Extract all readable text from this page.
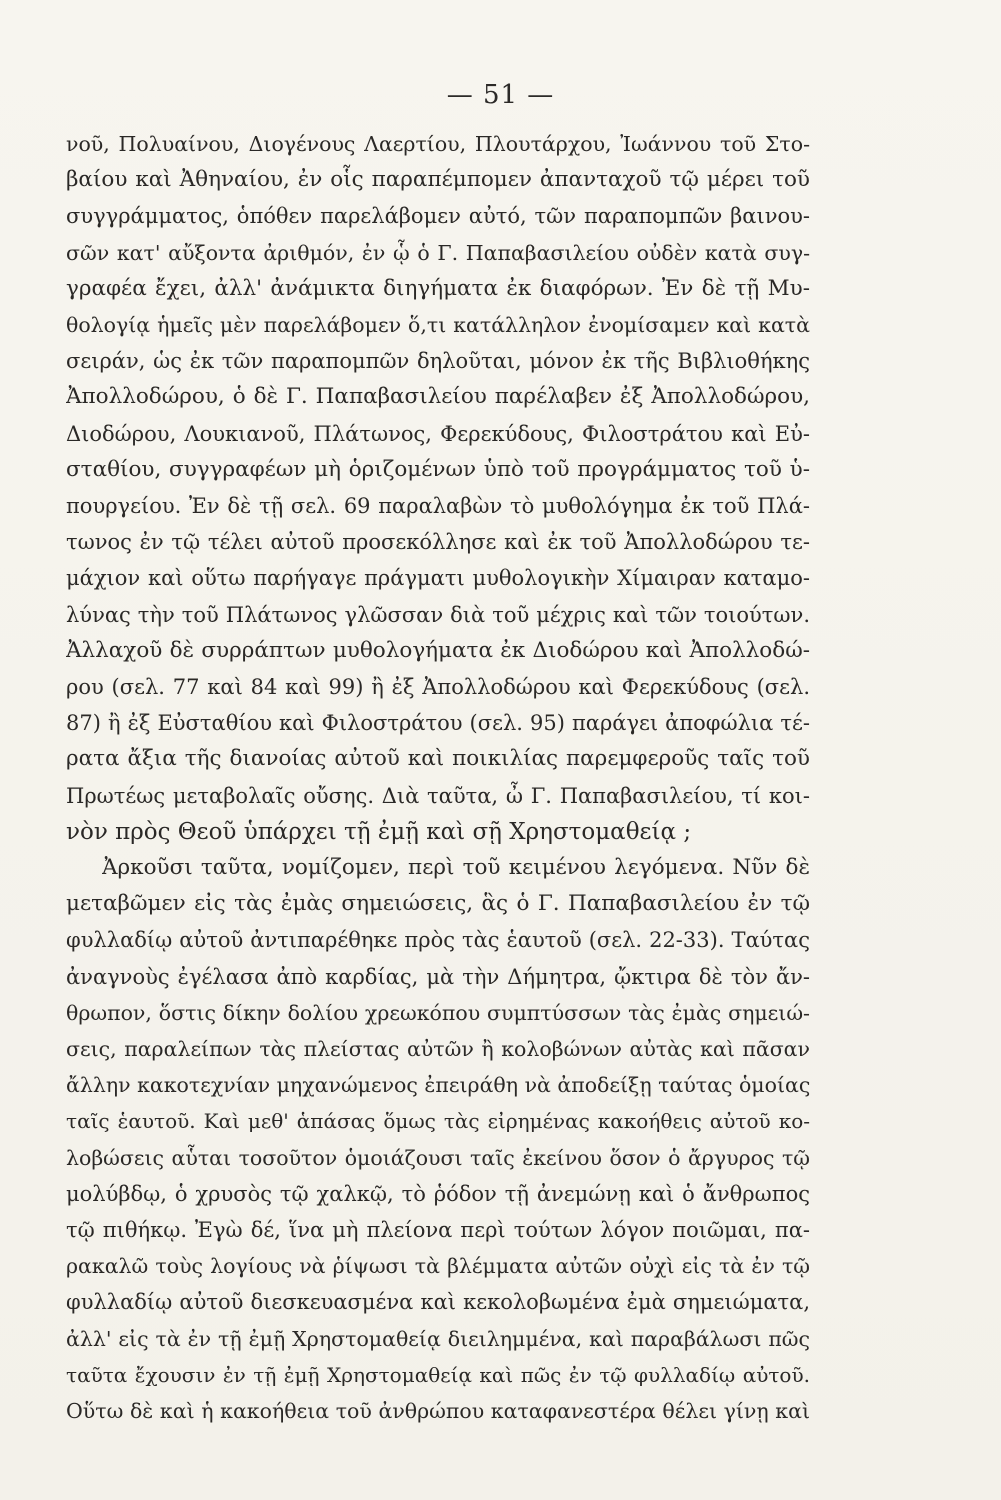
— 51 —
νοῦ, Πολυαίνου, Διογένους Λαερτίου, Πλουτάρχου, Ἰωάννου τοῦ Στο-
βαίου καὶ Ἀθηναίου, ἐν οἷς παραπέμπομεν ἀπανταχοῦ τῷ μέρει τοῦ
συγγράμματος, ὁπόθεν παρελάβομεν αὐτό, τῶν παραπομπῶν βαινου-
σῶν κατ' αὔξοντα ἀριθμόν, ἐν ᾧ ὁ Γ. Παπαβασιλείου οὐδὲν κατὰ συγ-
γραφέα ἔχει, ἀλλ' ἀνάμικτα διηγήματα ἐκ διαφόρων. Ἐν δὲ τῇ Μυ-
θολογίᾳ ἡμεῖς μὲν παρελάβομεν ὅ,τι κατάλληλον ἐνομίσαμεν καὶ κατὰ
σειράν, ὡς ἐκ τῶν παραπομπῶν δηλοῦται, μόνον ἐκ τῆς Βιβλιοθήκης
Ἀπολλοδώρου, ὁ δὲ Γ. Παπαβασιλείου παρέλαβεν ἐξ Ἀπολλοδώρου,
Διοδώρου, Λουκιανοῦ, Πλάτωνος, Φερεκύδους, Φιλοστράτου καὶ Εὐ-
σταθίου, συγγραφέων μὴ ὁριζομένων ὑπὸ τοῦ προγράμματος τοῦ ὑ-
πουργείου. Ἐν δὲ τῇ σελ. 69 παραλαβὼν τὸ μυθολόγημα ἐκ τοῦ Πλά-
τωνος ἐν τῷ τέλει αὐτοῦ προσεκόλλησε καὶ ἐκ τοῦ Ἀπολλοδώρου τε-
μάχιον καὶ οὕτω παρήγαγε πράγματι μυθολογικὴν Χίμαιραν καταμο-
λύνας τὴν τοῦ Πλάτωνος γλῶσσαν διὰ τοῦ μέχρις καὶ τῶν τοιούτων.
Ἀλλαχοῦ δὲ συρράπτων μυθολογήματα ἐκ Διοδώρου καὶ Ἀπολλοδώ-
ρου (σελ. 77 καὶ 84 καὶ 99) ἢ ἐξ Ἀπολλοδώρου καὶ Φερεκύδους (σελ.
87) ἢ ἐξ Εὐσταθίου καὶ Φιλοστράτου (σελ. 95) παράγει ἀποφώλια τέ-
ρατα ἄξια τῆς διανοίας αὐτοῦ καὶ ποικιλίας παρεμφεροῦς ταῖς τοῦ
Πρωτέως μεταβολαῖς οὔσης. Διὰ ταῦτα, ὦ Γ. Παπαβασιλείου, τί κοι-
νὸν πρὸς Θεοῦ ὑπάρχει τῇ ἐμῇ καὶ σῇ Χρηστομαθείᾳ ;
Ἀρκοῦσι ταῦτα, νομίζομεν, περὶ τοῦ κειμένου λεγόμενα. Νῦν δὲ
μεταβῶμεν εἰς τὰς ἐμὰς σημειώσεις, ἃς ὁ Γ. Παπαβασιλείου ἐν τῷ
φυλλαδίῳ αὐτοῦ ἀντιπαρέθηκε πρὸς τὰς ἑαυτοῦ (σελ. 22-33). Ταύτας
ἀναγνοὺς ἐγέλασα ἀπὸ καρδίας, μὰ τὴν Δήμητρα, ᾤκτιρα δὲ τὸν ἄν-
θρωπον, ὅστις δίκην δολίου χρεωκόπου συμπτύσσων τὰς ἐμὰς σημειώ-
σεις, παραλείπων τὰς πλείστας αὐτῶν ἢ κολοβώνων αὐτὰς καὶ πᾶσαν
ἄλλην κακοτεχνίαν μηχανώμενος ἐπειράθη νὰ ἀποδείξῃ ταύτας ὁμοίας
ταῖς ἑαυτοῦ. Καὶ μεθ' ἁπάσας ὅμως τὰς εἰρημένας κακοήθεις αὐτοῦ κο-
λοβώσεις αὗται τοσοῦτον ὁμοιάζουσι ταῖς ἐκείνου ὅσον ὁ ἄργυρος τῷ
μολύβδῳ, ὁ χρυσὸς τῷ χαλκῷ, τὸ ῥόδον τῇ ἀνεμώνῃ καὶ ὁ ἄνθρωπος
τῷ πιθήκῳ. Ἐγὼ δέ, ἵνα μὴ πλείονα περὶ τούτων λόγον ποιῶμαι, πα-
ρακαλῶ τοὺς λογίους νὰ ῥίψωσι τὰ βλέμματα αὐτῶν οὐχὶ εἰς τὰ ἐν τῷ
φυλλαδίῳ αὐτοῦ διεσκευασμένα καὶ κεκολοβωμένα ἐμὰ σημειώματα,
ἀλλ' εἰς τὰ ἐν τῇ ἐμῇ Χρηστομαθείᾳ διειλημμένα, καὶ παραβάλωσι πῶς
ταῦτα ἔχουσιν ἐν τῇ ἐμῇ Χρηστομαθείᾳ καὶ πῶς ἐν τῷ φυλλαδίῳ αὐτοῦ.
Οὕτω δὲ καὶ ἡ κακοήθεια τοῦ ἀνθρώπου καταφανεστέρα θέλει γίνῃ καὶ
